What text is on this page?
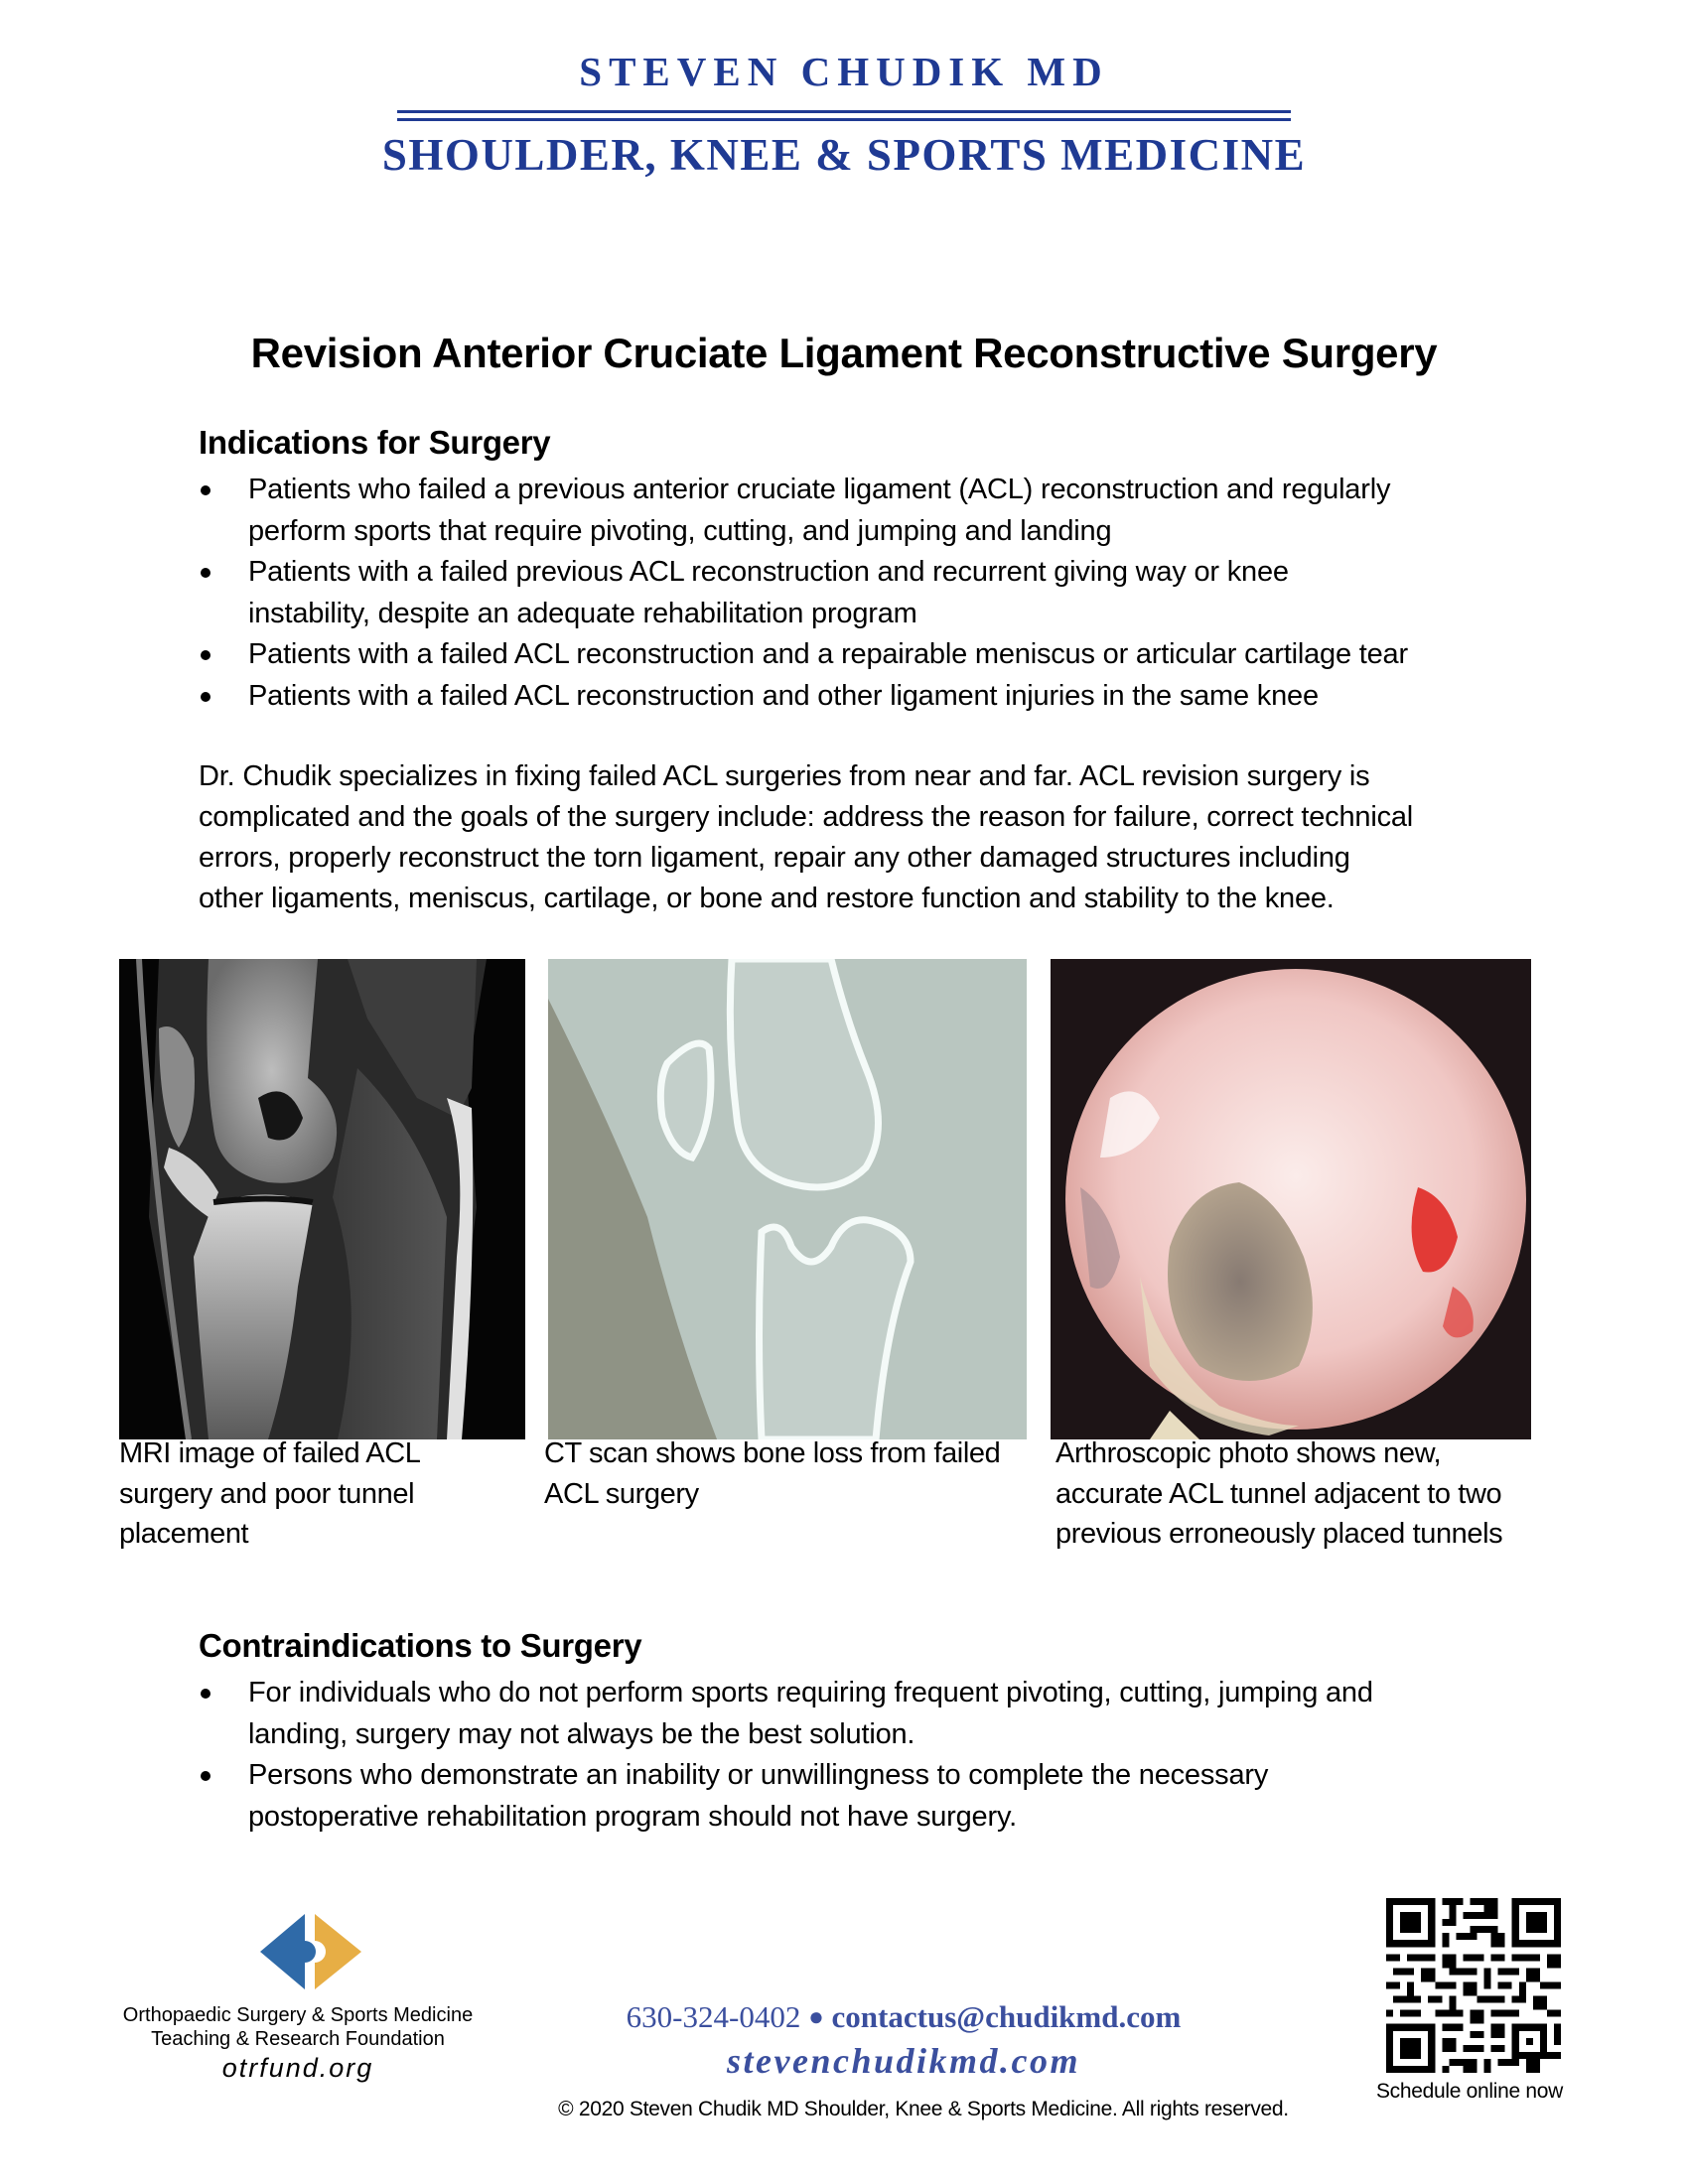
STEVEN CHUDIK MD
SHOULDER, KNEE & SPORTS MEDICINE
Revision Anterior Cruciate Ligament Reconstructive Surgery
Indications for Surgery
Patients who failed a previous anterior cruciate ligament (ACL) reconstruction and regularly
perform sports that require pivoting, cutting, and jumping and landing
Patients with a failed previous ACL reconstruction and recurrent giving way or knee
instability, despite an adequate rehabilitation program
Patients with a failed ACL reconstruction and a repairable meniscus or articular cartilage tear
Patients with a failed ACL reconstruction and other ligament injuries in the same knee
Dr. Chudik specializes in fixing failed ACL surgeries from near and far. ACL revision surgery is
complicated and the goals of the surgery include: address the reason for failure, correct technical
errors, properly reconstruct the torn ligament, repair any other damaged structures including
other ligaments, meniscus, cartilage, or bone and restore function and stability to the knee.
MRI image of failed ACL
surgery and poor tunnel
placement
CT scan shows bone loss from failed
ACL surgery
Arthroscopic photo shows new,
accurate ACL tunnel adjacent to two
previous erroneously placed tunnels
Contraindications to Surgery
For individuals who do not perform sports requiring frequent pivoting, cutting, jumping and
landing, surgery may not always be the best solution.
Persons who demonstrate an inability or unwillingness to complete the necessary
postoperative rehabilitation program should not have surgery.
Orthopaedic Surgery & Sports Medicine
Teaching & Research Foundation
otrfund.org
630-324-0402 ● contactus@chudikmd.com
stevenchudikmd.com
© 2020 Steven Chudik MD Shoulder, Knee & Sports Medicine. All rights reserved.
Schedule online now
